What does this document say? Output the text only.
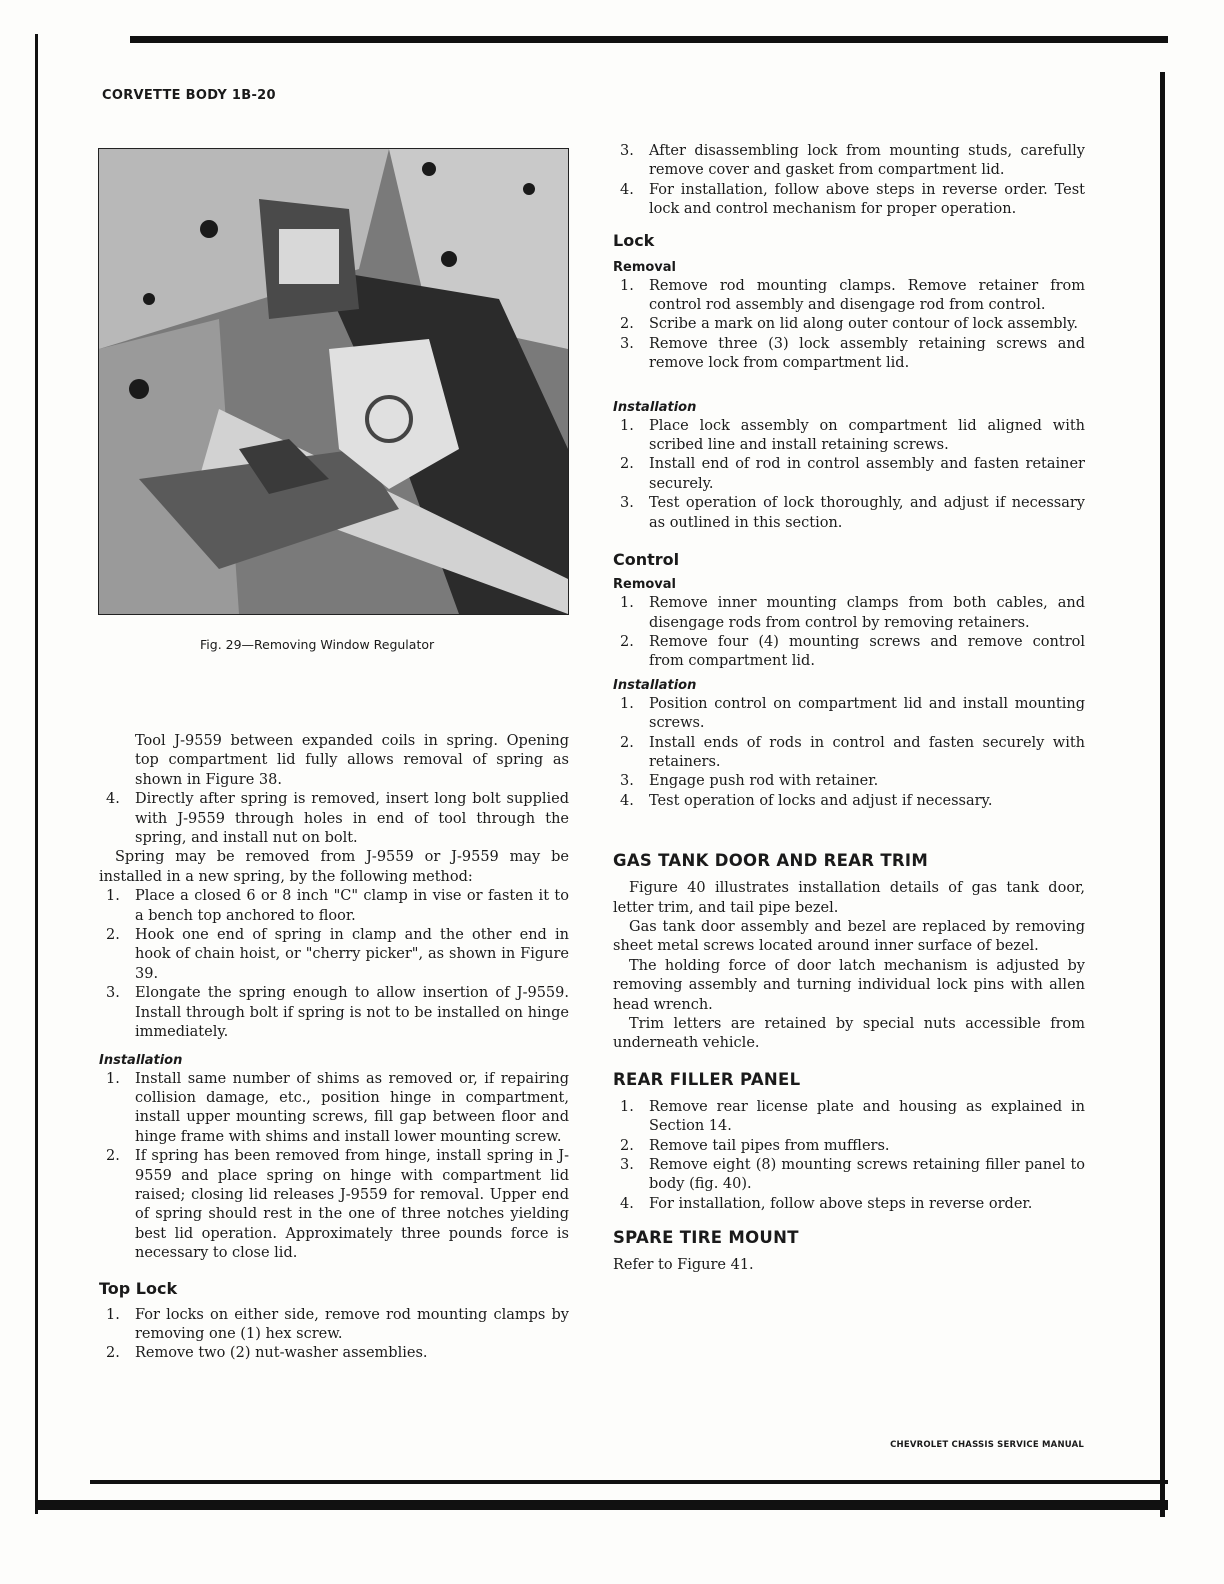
CORVETTE BODY 1B-20
Fig. 29—Removing Window Regulator

Tool J-9559 between expanded coils in spring. Opening top compartment lid fully allows removal of spring as shown in Figure 38.

4. Directly after spring is removed, insert long bolt supplied with J-9559 through holes in end of tool through the spring, and install nut on bolt.

Spring may be removed from J-9559 or J-9559 may be installed in a new spring, by the following method:

1. Place a closed 6 or 8 inch "C" clamp in vise or fasten it to a bench top anchored to floor.
2. Hook one end of spring in clamp and the other end in hook of chain hoist, or "cherry picker", as shown in Figure 39.
3. Elongate the spring enough to allow insertion of J-9559. Install through bolt if spring is not to be installed on hinge immediately.
Installation
1. Install same number of shims as removed or, if repairing collision damage, etc., position hinge in compartment, install upper mounting screws, fill gap between floor and hinge frame with shims and install lower mounting screw.
2. If spring has been removed from hinge, install spring in J-9559 and place spring on hinge with compartment lid raised; closing lid releases J-9559 for removal. Upper end of spring should rest in the one of three notches yielding best lid operation. Approximately three pounds force is necessary to close lid.
Top Lock
1. For locks on either side, remove rod mounting clamps by removing one (1) hex screw.
2. Remove two (2) nut-washer assemblies.
3. After disassembling lock from mounting studs, carefully remove cover and gasket from compartment lid.
4. For installation, follow above steps in reverse order. Test lock and control mechanism for proper operation.
Lock
Removal
1. Remove rod mounting clamps. Remove retainer from control rod assembly and disengage rod from control.
2. Scribe a mark on lid along outer contour of lock assembly.
3. Remove three (3) lock assembly retaining screws and remove lock from compartment lid.
Installation
1. Place lock assembly on compartment lid aligned with scribed line and install retaining screws.
2. Install end of rod in control assembly and fasten retainer securely.
3. Test operation of lock thoroughly, and adjust if necessary as outlined in this section.
Control
Removal
1. Remove inner mounting clamps from both cables, and disengage rods from control by removing retainers.
2. Remove four (4) mounting screws and remove control from compartment lid.
Installation
1. Position control on compartment lid and install mounting screws.
2. Install ends of rods in control and fasten securely with retainers.
3. Engage push rod with retainer.
4. Test operation of locks and adjust if necessary.
GAS TANK DOOR AND REAR TRIM

Figure 40 illustrates installation details of gas tank door, letter trim, and tail pipe bezel.

Gas tank door assembly and bezel are replaced by removing sheet metal screws located around inner surface of bezel.

The holding force of door latch mechanism is adjusted by removing assembly and turning individual lock pins with allen head wrench.

Trim letters are retained by special nuts accessible from underneath vehicle.

REAR FILLER PANEL
1. Remove rear license plate and housing as explained in Section 14.
2. Remove tail pipes from mufflers.
3. Remove eight (8) mounting screws retaining filler panel to body (fig. 40).
4. For installation, follow above steps in reverse order.
SPARE TIRE MOUNT

Refer to Figure 41.

CHEVROLET CHASSIS SERVICE MANUAL
